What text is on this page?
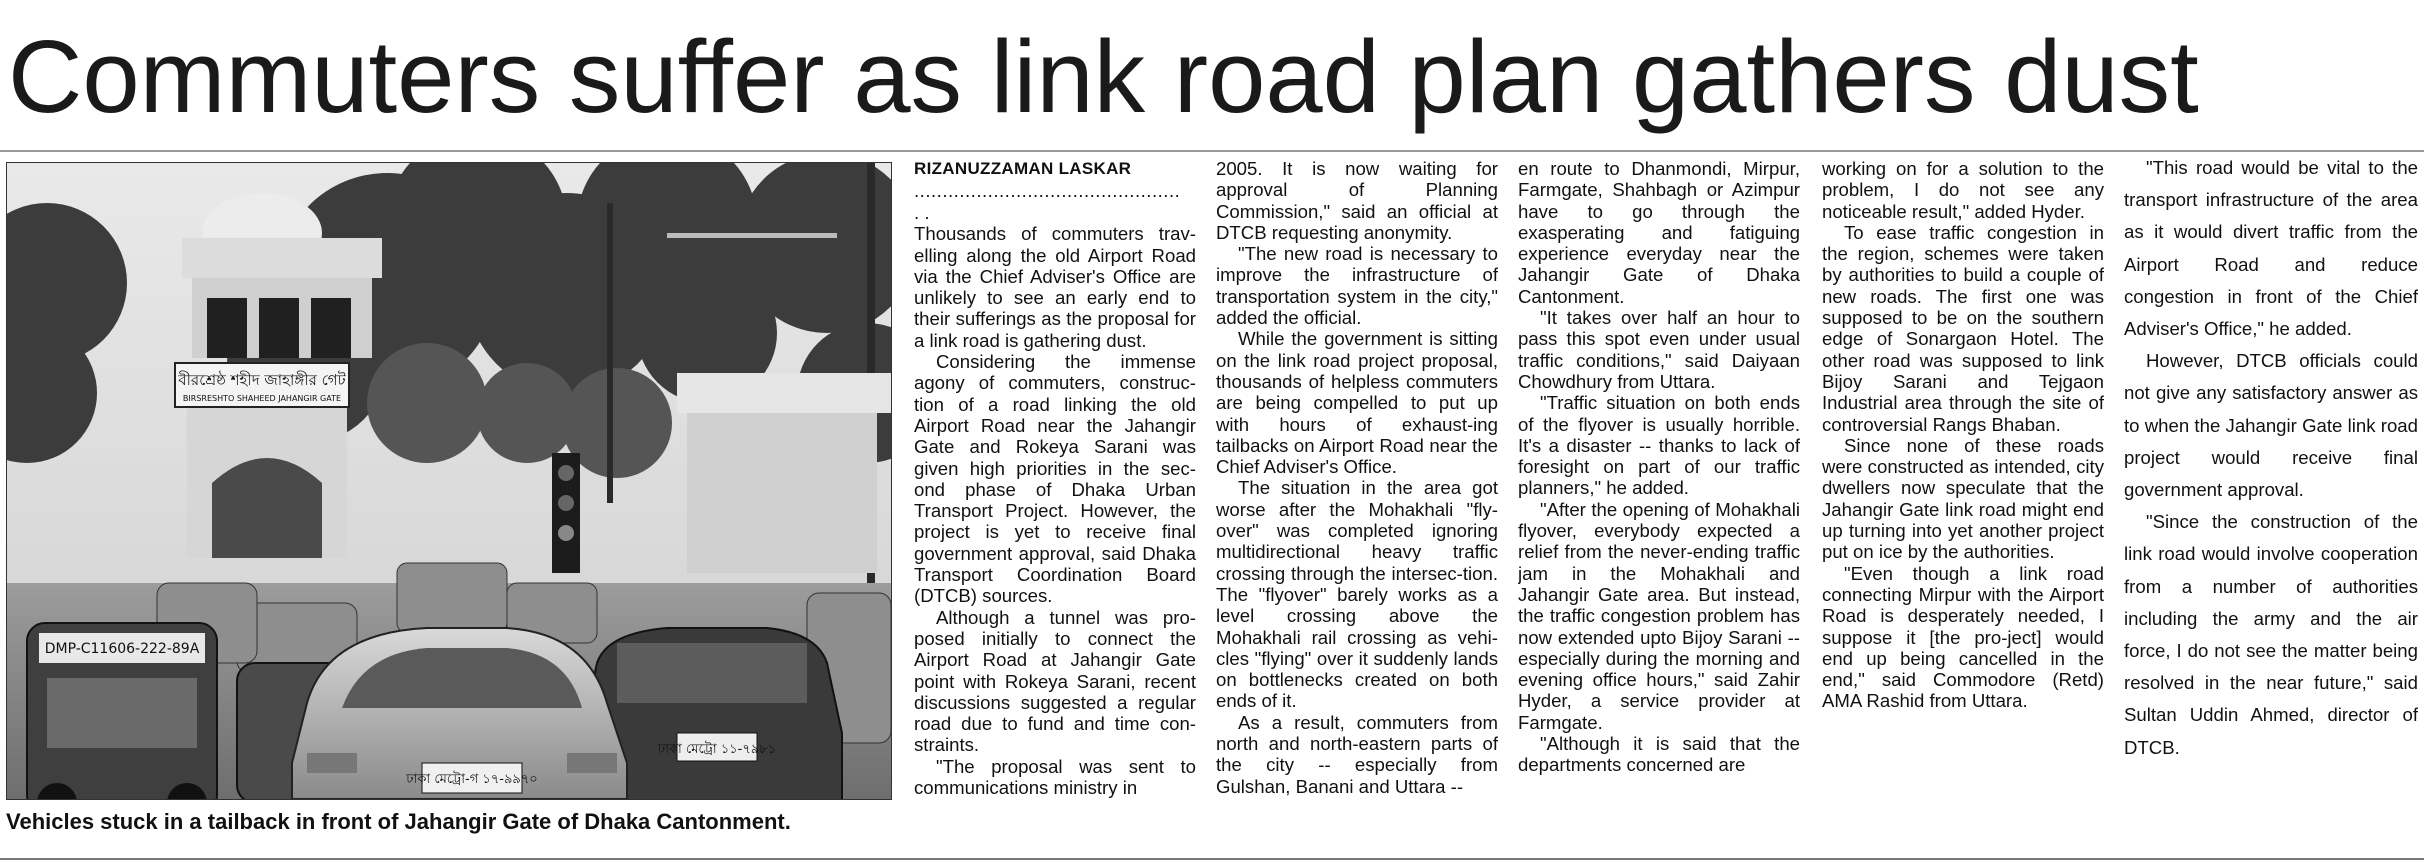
Commuters suffer as link road plan gathers dust
বীরশ্রেষ্ঠ শহীদ জাহাঙ্গীর গেট
BIRSRESHTO SHAHEED JAHANGIR GATE
DMP-C11606-222-89A
ঢাকা মেট্রো ১১-৭৯৮১
ঢাকা মেট্রো-গ ১৭-৯৯৭০
Vehicles stuck in a tailback in front of Jahangir Gate of Dhaka Cantonment.
RIZANUZZAMAN LASKAR
...............................................

. .

Thousands of commuters trav-elling along the old Airport Road via the Chief Adviser's Office are unlikely to see an early end to their sufferings as the proposal for a link road is gathering dust.

Considering the immense agony of commuters, construc-tion of a road linking the old Airport Road near the Jahangir Gate and Rokeya Sarani was given high priorities in the sec-ond phase of Dhaka Urban Transport Project. However, the project is yet to receive final government approval, said Dhaka Transport Coordination Board (DTCB) sources.

Although a tunnel was pro-posed initially to connect the Airport Road at Jahangir Gate point with Rokeya Sarani, recent discussions suggested a regular road due to fund and time con-straints.

"The proposal was sent to communications ministry in

2005. It is now waiting for approval of Planning Commission," said an official at DTCB requesting anonymity.

"The new road is necessary to improve the infrastructure of transportation system in the city," added the official.

While the government is sitting on the link road project proposal, thousands of helpless commuters are being compelled to put up with hours of exhaust-ing tailbacks on Airport Road near the Chief Adviser's Office.

The situation in the area got worse after the Mohakhali "fly-over" was completed ignoring multidirectional heavy traffic crossing through the intersec-tion. The "flyover" barely works as a level crossing above the Mohakhali rail crossing as vehi-cles "flying" over it suddenly lands on bottlenecks created on both ends of it.

As a result, commuters from north and north-eastern parts of the city -- especially from Gulshan, Banani and Uttara --

en route to Dhanmondi, Mirpur, Farmgate, Shahbagh or Azimpur have to go through the exasperating and fatiguing experience everyday near the Jahangir Gate of Dhaka Cantonment.

"It takes over half an hour to pass this spot even under usual traffic conditions," said Daiyaan Chowdhury from Uttara.

"Traffic situation on both ends of the flyover is usually horrible. It's a disaster -- thanks to lack of foresight on part of our traffic planners," he added.

"After the opening of Mohakhali flyover, everybody expected a relief from the never-ending traffic jam in the Mohakhali and Jahangir Gate area. But instead, the traffic congestion problem has now extended upto Bijoy Sarani -- especially during the morning and evening office hours," said Zahir Hyder, a service provider at Farmgate.

"Although it is said that the departments concerned are

working on for a solution to the problem, I do not see any noticeable result," added Hyder.

To ease traffic congestion in the region, schemes were taken by authorities to build a couple of new roads. The first one was supposed to be on the southern edge of Sonargaon Hotel. The other road was supposed to link Bijoy Sarani and Tejgaon Industrial area through the site of controversial Rangs Bhaban.

Since none of these roads were constructed as intended, city dwellers now speculate that the Jahangir Gate link road might end up turning into yet another project put on ice by the authorities.

"Even though a link road connecting Mirpur with the Airport Road is desperately needed, I suppose it [the pro-ject] would end up being cancelled in the end," said Commodore (Retd) AMA Rashid from Uttara.

"This road would be vital to the transport infrastructure of the area as it would divert traffic from the Airport Road and reduce congestion in front of the Chief Adviser's Office," he added.

However, DTCB officials could not give any satisfactory answer as to when the Jahangir Gate link road project would receive final government approval.

"Since the construction of the link road would involve cooperation from a number of authorities including the army and the air force, I do not see the matter being resolved in the near future," said Sultan Uddin Ahmed, director of DTCB.
